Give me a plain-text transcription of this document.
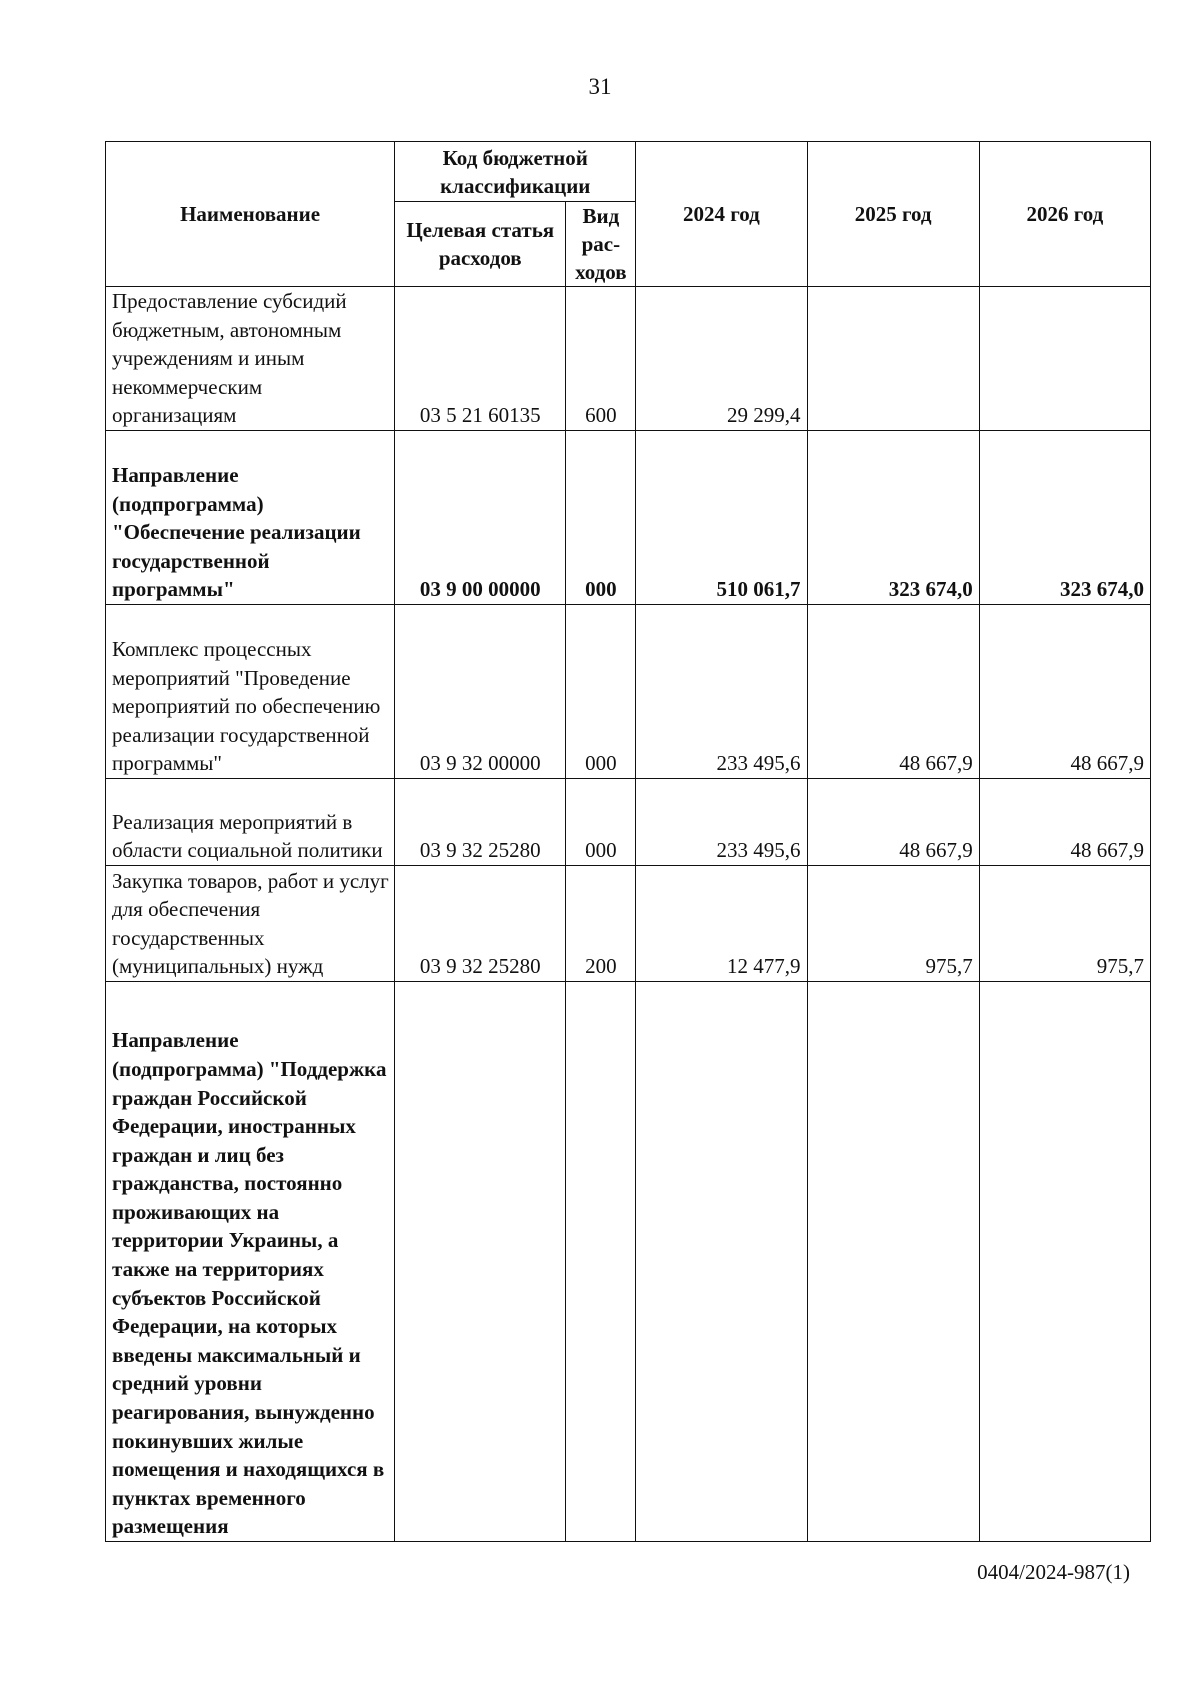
31
Наименование	Код бюджетной классификации		2024 год	2025 год	2026 год
	Целевая статья расходов	Вид рас-ходов			
Предоставление субсидий бюджетным, автономным учреждениям и иным некоммерческим организациям	03 5 21 60135	600	29 299,4		
Направление (подпрограмма) "Обеспечение реализации государственной программы"	03 9 00 00000	000	510 061,7	323 674,0	323 674,0
Комплекс процессных мероприятий "Проведение мероприятий по обеспечению реализации государственной программы"	03 9 32 00000	000	233 495,6	48 667,9	48 667,9
Реализация мероприятий в области социальной политики	03 9 32 25280	000	233 495,6	48 667,9	48 667,9
Закупка товаров, работ и услуг для обеспечения государственных (муниципальных) нужд	03 9 32 25280	200	12 477,9	975,7	975,7
Направление (подпрограмма) "Поддержка граждан Российской Федерации, иностранных граждан и лиц без гражданства, постоянно проживающих на территории Украины, а также на территориях субъектов Российской Федерации, на которых введены максимальный и средний уровни реагирования, вынужденно покинувших жилые помещения и находящихся в пунктах временного размещения					
0404/2024-987(1)
